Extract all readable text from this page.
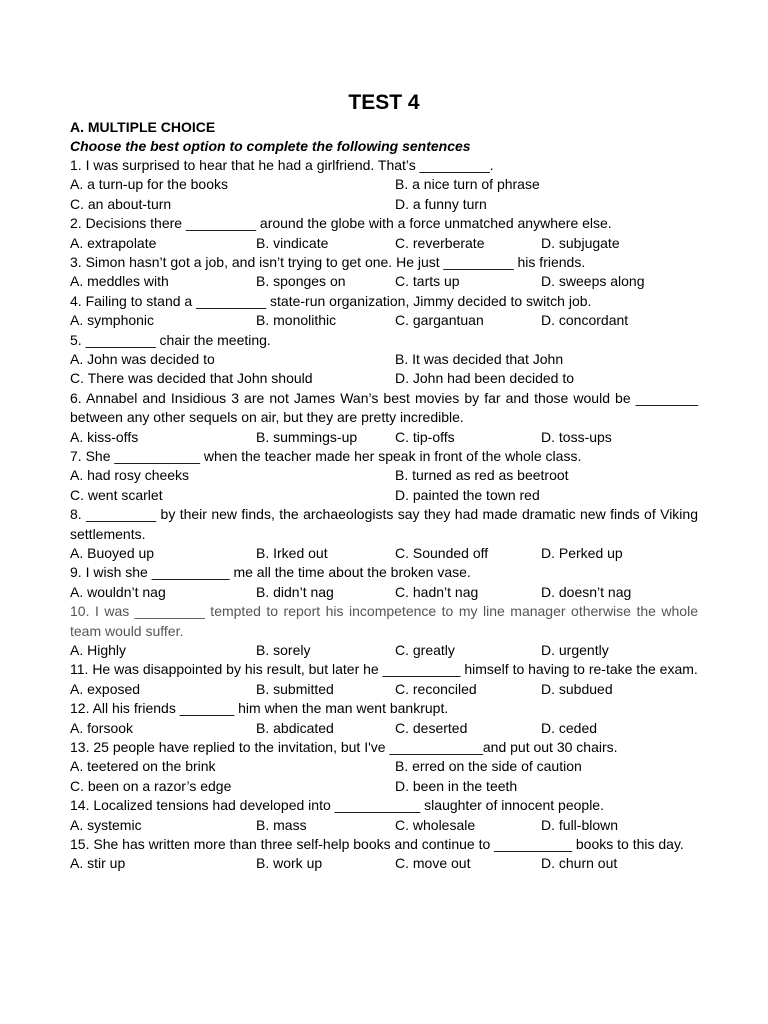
TEST 4
A. MULTIPLE CHOICE
Choose the best option to complete the following sentences
1. I was surprised to hear that he had a girlfriend. That’s _________.
A. a turn-up for the books	B. a nice turn of phrase
C. an about-turn	D. a funny turn
2. Decisions there _________ around the globe with a force unmatched anywhere else.
A. extrapolate	B. vindicate	C. reverberate	D. subjugate
3. Simon hasn’t got a job, and isn’t trying to get one. He just _________ his friends.
A. meddles with	B. sponges on	C. tarts up	D. sweeps along
4. Failing to stand a _________ state-run organization, Jimmy decided to switch job.
A. symphonic	B. monolithic	C. gargantuan	D. concordant
5. _________ chair the meeting.
A. John was decided to	B. It was decided that John
C. There was decided that John should	D. John had been decided to
6. Annabel and Insidious 3 are not James Wan’s best movies by far and those would be ________ between any other sequels on air, but they are pretty incredible.
A. kiss-offs	B. summings-up	C. tip-offs	D. toss-ups
7. She ___________ when the teacher made her speak in front of the whole class.
A. had rosy cheeks	B. turned as red as beetroot
C. went scarlet	D. painted the town red
8. _________ by their new finds, the archaeologists say they had made dramatic new finds of Viking settlements.
A. Buoyed up	B. Irked out	C. Sounded off	D. Perked up
9. I wish she __________ me all the time about the broken vase.
A. wouldn’t nag	B. didn’t nag	C. hadn’t nag	D. doesn’t nag
10. I was _________ tempted to report his incompetence to my line manager otherwise the whole team would suffer.
A. Highly	B. sorely	C. greatly	D. urgently
11. He was disappointed by his result, but later he __________ himself to having to re-take the exam.
A. exposed	B. submitted	C. reconciled	D. subdued
12. All his friends _______ him when the man went bankrupt.
A. forsook	B. abdicated	C. deserted	D. ceded
13. 25 people have replied to the invitation, but I've ____________and put out 30 chairs.
A. teetered on the brink	B. erred on the side of caution
C. been on a razor’s edge	D. been in the teeth
14. Localized tensions had developed into ___________ slaughter of innocent people.
A. systemic	B. mass	C. wholesale	D. full-blown
15. She has written more than three self-help books and continue to __________ books to this day.
A. stir up	B. work up	C. move out	D. churn out
